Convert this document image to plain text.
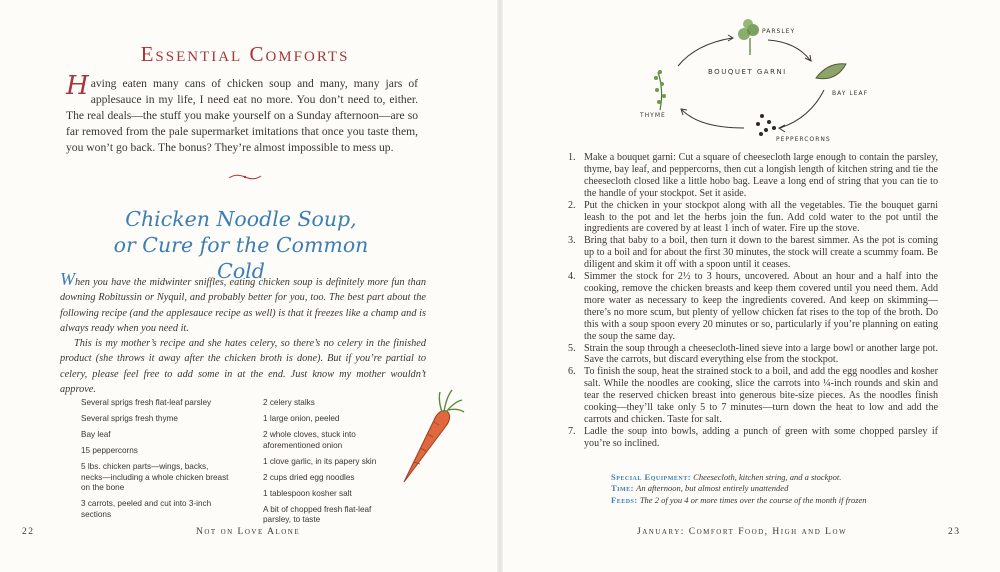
Essential Comforts
Having eaten many cans of chicken soup and many, many jars of applesauce in my life, I need eat no more. You don’t need to, either. The real deals—the stuff you make yourself on a Sunday afternoon—are so far removed from the pale supermarket imitations that once you taste them, you won’t go back. The bonus? They’re almost impossible to mess up.
Chicken Noodle Soup,
or Cure for the Common Cold

When you have the midwinter sniffles, eating chicken soup is definitely more fun than downing Robitussin or Nyquil, and probably better for you, too. The best part about the following recipe (and the applesauce recipe as well) is that it freezes like a champ and is always ready when you need it.

This is my mother’s recipe and she hates celery, so there’s no celery in the finished product (she throws it away after the chicken broth is done). But if you’re partial to celery, please feel free to add some in at the end. Just know my mother wouldn’t approve.

Several sprigs fresh flat-leaf parsley
Several sprigs fresh thyme
Bay leaf
15 peppercorns
5 lbs. chicken parts—wings, backs, necks—including a whole chicken breast on the bone
3 carrots, peeled and cut into 3-inch sections
2 celery stalks
1 large onion, peeled
2 whole cloves, stuck into aforementioned onion
1 clove garlic, in its papery skin
2 cups dried egg noodles
1 tablespoon kosher salt
A bit of chopped fresh flat-leaf parsley, to taste
22	Not on Love Alone
BOUQUET GARNI
PARSLEY
BAY LEAF
THYME
PEPPERCORNS
1. Make a bouquet garni: Cut a square of cheesecloth large enough to contain the parsley, thyme, bay leaf, and peppercorns, then cut a longish length of kitchen string and tie the cheesecloth closed like a little hobo bag. Leave a long end of string that you can tie to the handle of your stockpot. Set it aside.
2. Put the chicken in your stockpot along with all the vegetables. Tie the bouquet garni leash to the pot and let the herbs join the fun. Add cold water to the pot until the ingredients are covered by at least 1 inch of water. Fire up the stove.
3. Bring that baby to a boil, then turn it down to the barest simmer. As the pot is coming up to a boil and for about the first 30 minutes, the stock will create a scummy foam. Be diligent and skim it off with a spoon until it ceases.
4. Simmer the stock for 2½ to 3 hours, uncovered. About an hour and a half into the cooking, remove the chicken breasts and keep them covered until you need them. Add more water as necessary to keep the ingredients covered. And keep on skimming—there’s no more scum, but plenty of yellow chicken fat rises to the top of the broth. Do this with a soup spoon every 20 minutes or so, particularly if you’re planning on eating the soup the same day.
5. Strain the soup through a cheesecloth-lined sieve into a large bowl or another large pot. Save the carrots, but discard everything else from the stockpot.
6. To finish the soup, heat the strained stock to a boil, and add the egg noodles and kosher salt. While the noodles are cooking, slice the carrots into ¼-inch rounds and skin and tear the reserved chicken breast into generous bite-size pieces. As the noodles finish cooking—they’ll take only 5 to 7 minutes—turn down the heat to low and add the carrots and chicken. Taste for salt.
7. Ladle the soup into bowls, adding a punch of green with some chopped parsley if you’re so inclined.
Special Equipment: Cheesecloth, kitchen string, and a stockpot.
Time: An afternoon, but almost entirely unattended
Feeds: The 2 of you 4 or more times over the course of the month if frozen
January: Comfort Food, High and Low	23
